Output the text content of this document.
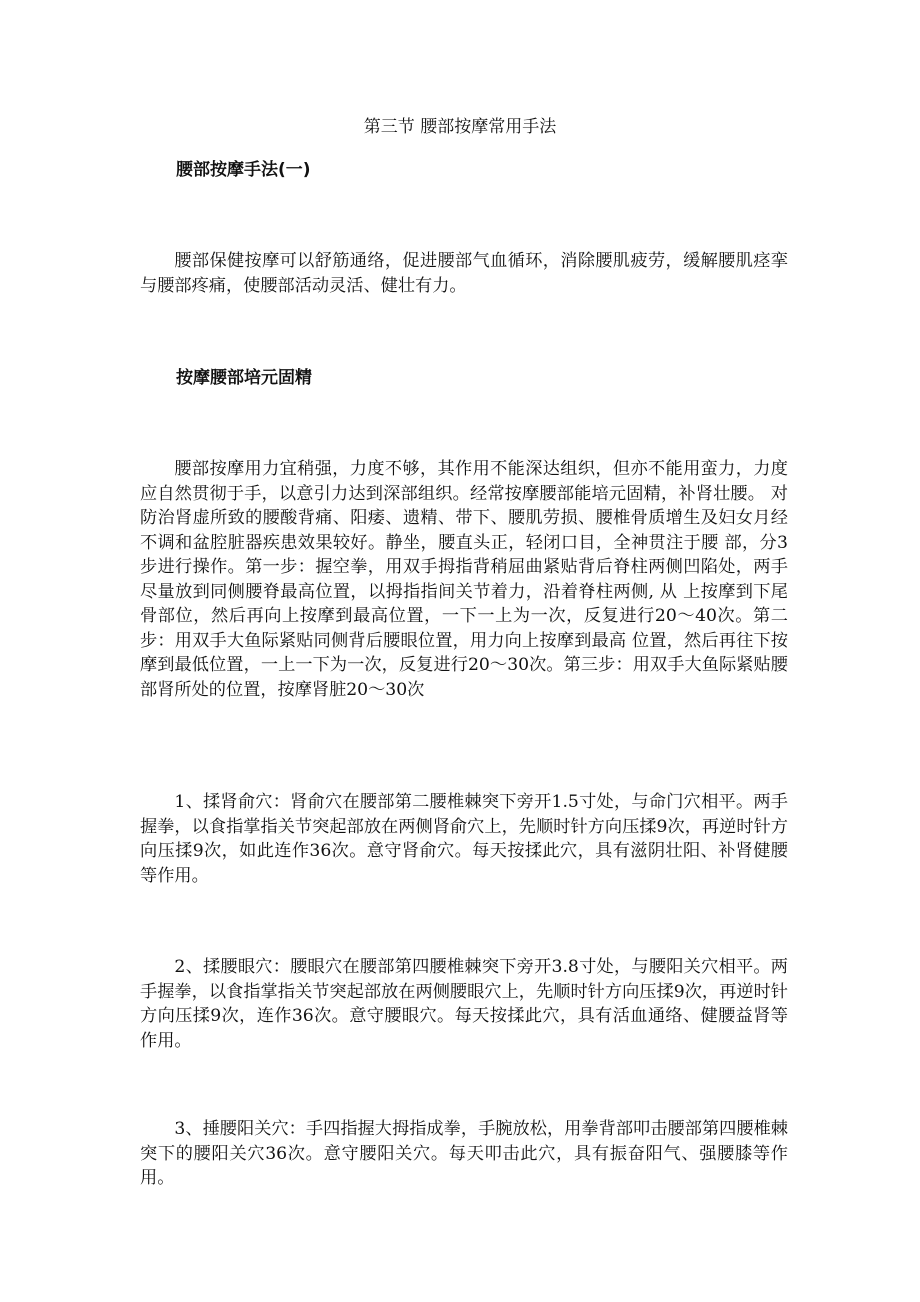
第三节 腰部按摩常用手法
腰部按摩手法(一)
腰部保健按摩可以舒筋通络，促进腰部气血循环，消除腰肌疲劳，缓解腰肌痉挛与腰部疼痛，使腰部活动灵活、健壮有力。
按摩腰部培元固精
腰部按摩用力宜稍强，力度不够，其作用不能深达组织，但亦不能用蛮力，力度应自然贯彻于手，以意引力达到深部组织。经常按摩腰部能培元固精，补肾壮腰。 对防治肾虚所致的腰酸背痛、阳痿、遗精、带下、腰肌劳损、腰椎骨质增生及妇女月经不调和盆腔脏器疾患效果较好。静坐，腰直头正，轻闭口目，全神贯注于腰 部，分3步进行操作。第一步：握空拳，用双手拇指背稍屈曲紧贴背后脊柱两侧凹陷处，两手尽量放到同侧腰脊最高位置，以拇指指间关节着力，沿着脊柱两侧, 从 上按摩到下尾骨部位，然后再向上按摩到最高位置，一下一上为一次，反复进行20～40次。第二步：用双手大鱼际紧贴同侧背后腰眼位置，用力向上按摩到最高 位置，然后再往下按摩到最低位置，一上一下为一次，反复进行20～30次。第三步：用双手大鱼际紧贴腰部肾所处的位置，按摩肾脏20～30次
1、揉肾俞穴：肾俞穴在腰部第二腰椎棘突下旁开1.5寸处，与命门穴相平。两手握拳，以食指掌指关节突起部放在两侧肾俞穴上，先顺时针方向压揉9次，再逆时针方向压揉9次，如此连作36次。意守肾俞穴。每天按揉此穴，具有滋阴壮阳、补肾健腰等作用。
2、揉腰眼穴：腰眼穴在腰部第四腰椎棘突下旁开3.8寸处，与腰阳关穴相平。两手握拳，以食指掌指关节突起部放在两侧腰眼穴上，先顺时针方向压揉9次，再逆时针方向压揉9次，连作36次。意守腰眼穴。每天按揉此穴，具有活血通络、健腰益肾等作用。
3、捶腰阳关穴：手四指握大拇指成拳，手腕放松，用拳背部叩击腰部第四腰椎棘突下的腰阳关穴36次。意守腰阳关穴。每天叩击此穴，具有振奋阳气、强腰膝等作用。
